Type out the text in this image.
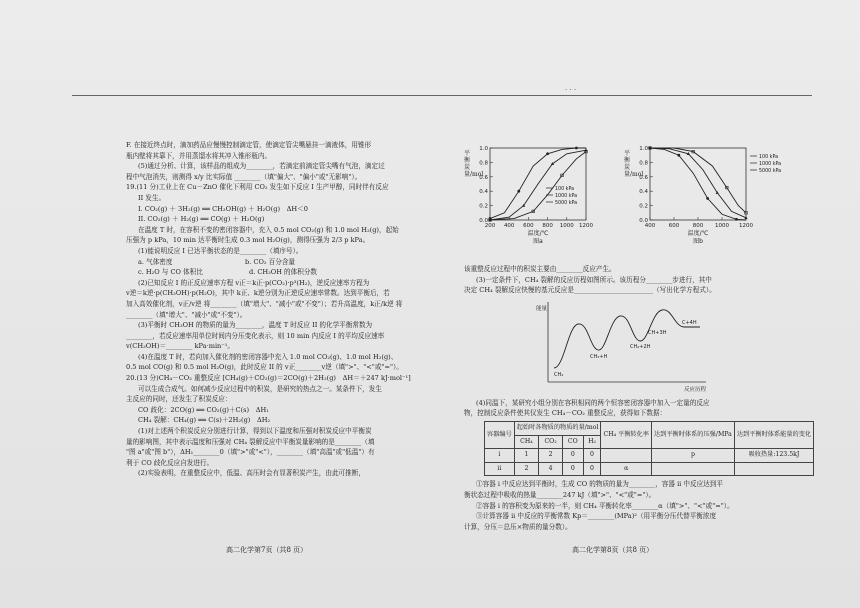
· · ·

F. 在接近终点时，滴加药品应慢慢控制滴定管，使滴定管尖嘴悬挂一滴液体，用锥形

瓶内壁将其靠下，并用蒸馏水将其冲入锥形瓶内。

(5)通过分析、计算，该样品的组成为________，若滴定前滴定管尖嘴有气泡，滴定过

程中气泡消失，则测得 x/y 比实际值 ________（填"偏大"、"偏小"或"无影响"）。

19.(11 分)工业上在 Cu－ZnO 催化下利用 CO₂ 发生如下反应 I 生产甲醇，同时伴有反应

II 发生。

I. CO₂(g) ＋ 3H₂(g) ══ CH₃OH(g) ＋ H₂O(g)　ΔH＜0

II. CO₂(g) ＋ H₂(g) ══ CO(g) ＋ H₂O(g)

在温度 T 时，在容积不变的密闭容器中，充入 0.5 mol CO₂(g) 和 1.0 mol H₂(g)，起始

压强为 p kPa，10 min 达平衡时生成 0.3 mol H₂O(g)，测得压强为 2/3 p kPa。

(1)能说明反应 I 已达平衡状态的是________（填序号）。

a. 气体密度　　　　　　　　　　　b. CO₂ 百分含量

c. H₂O 与 CO 体积比　　　　　　　d. CH₃OH 的体积分数

(2)已知反应 I 的正反应速率方程 v正＝k正·p(CO₂)·p³(H₂)，逆反应速率方程为

v逆＝k逆·p(CH₃OH)·p(H₂O)，其中 k正、k逆分别为正逆反应速率常数。达到平衡后，若

加入高效催化剂，v正/v逆 将________（填"增大"、"减小"或"不变"）；若升高温度，k正/k逆 将

________（填"增大"、"减小"或"不变"）。

(3)平衡时 CH₃OH 的物质的量为________，温度 T 时反应 II 的化学平衡常数为

________，若反应速率用单位时间内分压变化表示，则 10 min 内反应 I 的平均反应速率

v(CH₃OH)＝________ kPa·min⁻¹。

(4)在温度 T 时，若向加入催化剂的密闭容器中充入 1.0 mol CO₂(g)、1.0 mol H₂(g)、

0.5 mol CO(g) 和 0.5 mol H₂O(g)，此时反应 II 的 v正________v逆（填">"、"<"或"="）。

20.(13 分)CH₄－CO₂ 重整反应 [CH₄(g)＋CO₂(g)＝2CO(g)＋2H₂(g)　ΔH＝＋247 kJ·mol⁻¹]

可以生成合成气。如何减少反应过程中的积炭，是研究的热点之一。某条件下，发生

主反应的同时，还发生了积炭反应：

CO 歧化：2CO(g) ══ CO₂(g)＋C(s)　ΔH₁

CH₄ 裂解：CH₄(g) ══ C(s)＋2H₂(g)　ΔH₂

(1)对上述两个积炭反应分别进行计算，得到以下温度和压强对积炭反应中平衡炭

量的影响图，其中表示温度和压强对 CH₄ 裂解反应中平衡炭量影响的是________（填

"图 a"或"图 b"），ΔH₁________0（填">"或"<"），________（填"高温"或"低温"）有

利于 CO 歧化反应自发进行。

(2)实验表明，在重整反应中，低温、高压时会有显著积炭产生，由此可推断，

高二化学第7页（共8 页）
平衡炭量/mol
1.0
0.8
0.6
0.4
0.2
0.0
200 400 600 800 1000 1200
温度/℃
图a
100 kPa
1000 kPa
5000 kPa
平衡炭量/mol
1.0
0.8
0.6
0.4
0.2
0.0
400 600 800 1000 1200
温度/℃
图b
100 kPa
1000 kPa
5000 kPa

该重整反应过程中的积炭主要由________反应产生。

(3)一定条件下，CH₄ 裂解的反应历程如图所示。该历程分________步进行，其中

决定 CH₄ 裂解反应快慢的基元反应是________________________（写出化学方程式）。

能量
反应历程
CH₄
CH₃+H
CH₂+2H
CH+3H
C+4H

(4)同温下，某研究小组分别在容积相同的两个恒容密闭容器中加入一定量的反应

物，控制反应条件使其仅发生 CH₄－CO₂ 重整反应，获得如下数据：

容器编号	起始时各物质的物质的量/mol				CH₄ 平衡转化率	达到平衡时体系的压强/MPa	达到平衡时体系能量的变化
	CH₄	CO₂	CO	H₂			
i	1	2	0	0		p	吸收热量:123.5kJ
ii	2	4	0	0	α		

①容器 i 中反应达到平衡时，生成 CO 的物质的量为________，容器 ii 中反应达到平

衡状态过程中吸收的热量________247 kJ（填">"、"<"或"="）。

②容器 i 的容积变为原来的一半，则 CH₄ 平衡转化率________α（填">"、"<"或"="）。

③计算容器 ii 中反应的平衡常数 Kp＝________(MPa)²（用平衡分压代替平衡浓度

计算，分压＝总压×物质的量分数）。

高二化学第8页（共8 页）
